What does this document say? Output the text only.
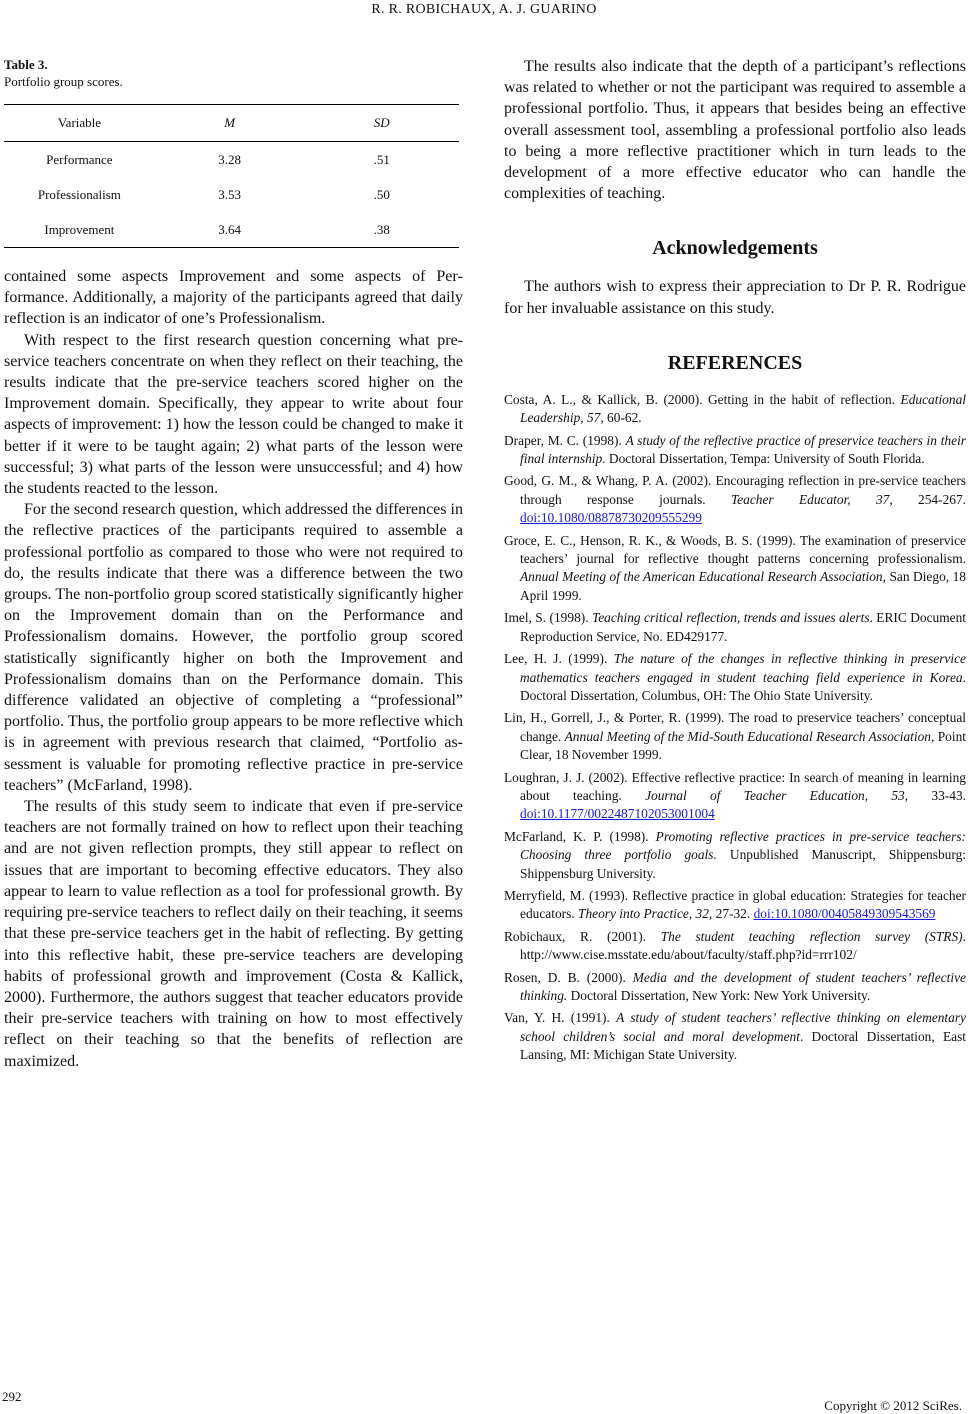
R. R. ROBICHAUX, A. J. GUARINO
Table 3.
Portfolio group scores.
Variable	M	SD
Performance	3.28	.51
Professionalism	3.53	.50
Improvement	3.64	.38

contained some aspects Improvement and some aspects of Performance. Additionally, a majority of the participants agreed that daily reflection is an indicator of one’s Professionalism.

With respect to the first research question concerning what pre-service teachers concentrate on when they reflect on their teaching, the results indicate that the pre-service teachers scored higher on the Improvement domain. Specifically, they appear to write about four aspects of improvement: 1) how the lesson could be changed to make it better if it were to be taught again; 2) what parts of the lesson were successful; 3) what parts of the lesson were unsuccessful; and 4) how the students reacted to the lesson.

For the second research question, which addressed the differences in the reflective practices of the participants required to assemble a professional portfolio as compared to those who were not required to do, the results indicate that there was a difference between the two groups. The non-portfolio group scored statistically significantly higher on the Improvement domain than on the Performance and Professionalism domains. However, the portfolio group scored statistically significantly higher on both the Improvement and Professionalism domains than on the Performance domain. This difference validated an objective of completing a “professional” portfolio. Thus, the portfolio group appears to be more reflective which is in agreement with previous research that claimed, “Portfolio assessment is valuable for promoting reflective practice in pre-service teachers” (McFarland, 1998).

The results of this study seem to indicate that even if pre-service teachers are not formally trained on how to reflect upon their teaching and are not given reflection prompts, they still appear to reflect on issues that are important to becoming effective educators. They also appear to learn to value reflection as a tool for professional growth. By requiring pre-service teachers to reflect daily on their teaching, it seems that these pre-service teachers get in the habit of reflecting. By getting into this reflective habit, these pre-service teachers are developing habits of professional growth and improvement (Costa & Kallick, 2000). Furthermore, the authors suggest that teacher educators provide their pre-service teachers with training on how to most effectively reflect on their teaching so that the benefits of reflection are maximized.

The results also indicate that the depth of a participant’s reflections was related to whether or not the participant was required to assemble a professional portfolio. Thus, it appears that besides being an effective overall assessment tool, assembling a professional portfolio also leads to being a more reflective practitioner which in turn leads to the development of a more effective educator who can handle the complexities of teaching.

Acknowledgements

The authors wish to express their appreciation to Dr P. R. Rodrigue for her invaluable assistance on this study.

REFERENCES
Costa, A. L., & Kallick, B. (2000). Getting in the habit of reflection. Educational Leadership, 57, 60-62.
Draper, M. C. (1998). A study of the reflective practice of preservice teachers in their final internship. Doctoral Dissertation, Tempa: University of South Florida.
Good, G. M., & Whang, P. A. (2002). Encouraging reflection in pre-service teachers through response journals. Teacher Educator, 37, 254-267. doi:10.1080/08878730209555299
Groce, E. C., Henson, R. K., & Woods, B. S. (1999). The examination of preservice teachers’ journal for reflective thought patterns concerning professionalism. Annual Meeting of the American Educational Research Association, San Diego, 18 April 1999.
Imel, S. (1998). Teaching critical reflection, trends and issues alerts. ERIC Document Reproduction Service, No. ED429177.
Lee, H. J. (1999). The nature of the changes in reflective thinking in preservice mathematics teachers engaged in student teaching field experience in Korea. Doctoral Dissertation, Columbus, OH: The Ohio State University.
Lin, H., Gorrell, J., & Porter, R. (1999). The road to preservice teachers’ conceptual change. Annual Meeting of the Mid-South Educational Research Association, Point Clear, 18 November 1999.
Loughran, J. J. (2002). Effective reflective practice: In search of meaning in learning about teaching. Journal of Teacher Education, 53, 33-43. doi:10.1177/0022487102053001004
McFarland, K. P. (1998). Promoting reflective practices in pre-service teachers: Choosing three portfolio goals. Unpublished Manuscript, Shippensburg: Shippensburg University.
Merryfield, M. (1993). Reflective practice in global education: Strategies for teacher educators. Theory into Practice, 32, 27-32. doi:10.1080/00405849309543569
Robichaux, R. (2001). The student teaching reflection survey (STRS). http://www.cise.msstate.edu/about/faculty/staff.php?id=rrr102/
Rosen, D. B. (2000). Media and the development of student teachers’ reflective thinking. Doctoral Dissertation, New York: New York University.
Van, Y. H. (1991). A study of student teachers’ reflective thinking on elementary school children’s social and moral development. Doctoral Dissertation, East Lansing, MI: Michigan State University.
292
Copyright © 2012 SciRes.
